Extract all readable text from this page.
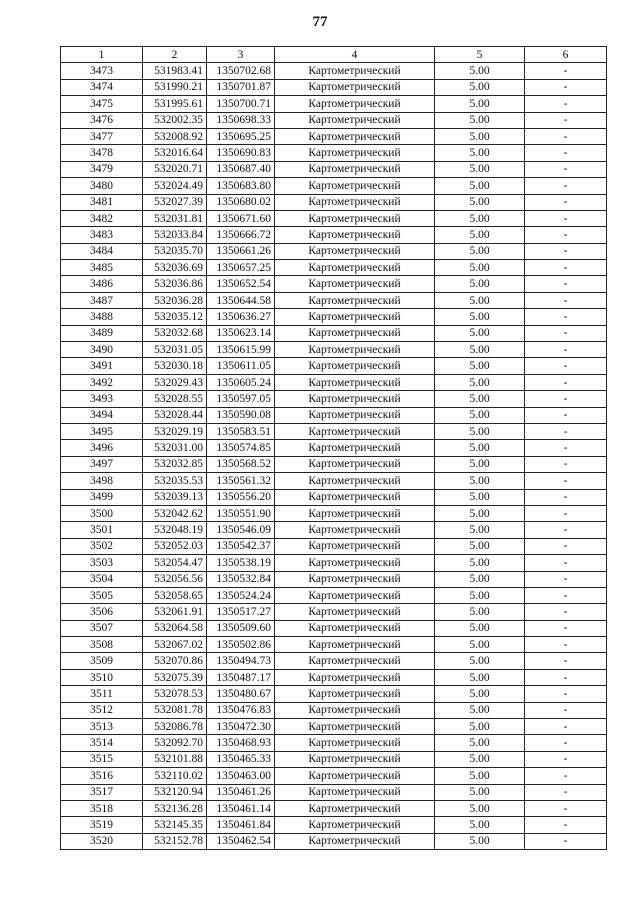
77
1	2	3	4	5	6
3473	531983.41	1350702.68	Картометрический	5.00	-
3474	531990.21	1350701.87	Картометрический	5.00	-
3475	531995.61	1350700.71	Картометрический	5.00	-
3476	532002.35	1350698.33	Картометрический	5.00	-
3477	532008.92	1350695.25	Картометрический	5.00	-
3478	532016.64	1350690.83	Картометрический	5.00	-
3479	532020.71	1350687.40	Картометрический	5.00	-
3480	532024.49	1350683.80	Картометрический	5.00	-
3481	532027.39	1350680.02	Картометрический	5.00	-
3482	532031.81	1350671.60	Картометрический	5.00	-
3483	532033.84	1350666.72	Картометрический	5.00	-
3484	532035.70	1350661.26	Картометрический	5.00	-
3485	532036.69	1350657.25	Картометрический	5.00	-
3486	532036.86	1350652.54	Картометрический	5.00	-
3487	532036.28	1350644.58	Картометрический	5.00	-
3488	532035.12	1350636.27	Картометрический	5.00	-
3489	532032.68	1350623.14	Картометрический	5.00	-
3490	532031.05	1350615.99	Картометрический	5.00	-
3491	532030.18	1350611.05	Картометрический	5.00	-
3492	532029.43	1350605.24	Картометрический	5.00	-
3493	532028.55	1350597.05	Картометрический	5.00	-
3494	532028.44	1350590.08	Картометрический	5.00	-
3495	532029.19	1350583.51	Картометрический	5.00	-
3496	532031.00	1350574.85	Картометрический	5.00	-
3497	532032.85	1350568.52	Картометрический	5.00	-
3498	532035.53	1350561.32	Картометрический	5.00	-
3499	532039.13	1350556.20	Картометрический	5.00	-
3500	532042.62	1350551.90	Картометрический	5.00	-
3501	532048.19	1350546.09	Картометрический	5.00	-
3502	532052.03	1350542.37	Картометрический	5.00	-
3503	532054.47	1350538.19	Картометрический	5.00	-
3504	532056.56	1350532.84	Картометрический	5.00	-
3505	532058.65	1350524.24	Картометрический	5.00	-
3506	532061.91	1350517.27	Картометрический	5.00	-
3507	532064.58	1350509.60	Картометрический	5.00	-
3508	532067.02	1350502.86	Картометрический	5.00	-
3509	532070.86	1350494.73	Картометрический	5.00	-
3510	532075.39	1350487.17	Картометрический	5.00	-
3511	532078.53	1350480.67	Картометрический	5.00	-
3512	532081.78	1350476.83	Картометрический	5.00	-
3513	532086.78	1350472.30	Картометрический	5.00	-
3514	532092.70	1350468.93	Картометрический	5.00	-
3515	532101.88	1350465.33	Картометрический	5.00	-
3516	532110.02	1350463.00	Картометрический	5.00	-
3517	532120.94	1350461.26	Картометрический	5.00	-
3518	532136.28	1350461.14	Картометрический	5.00	-
3519	532145.35	1350461.84	Картометрический	5.00	-
3520	532152.78	1350462.54	Картометрический	5.00	-
